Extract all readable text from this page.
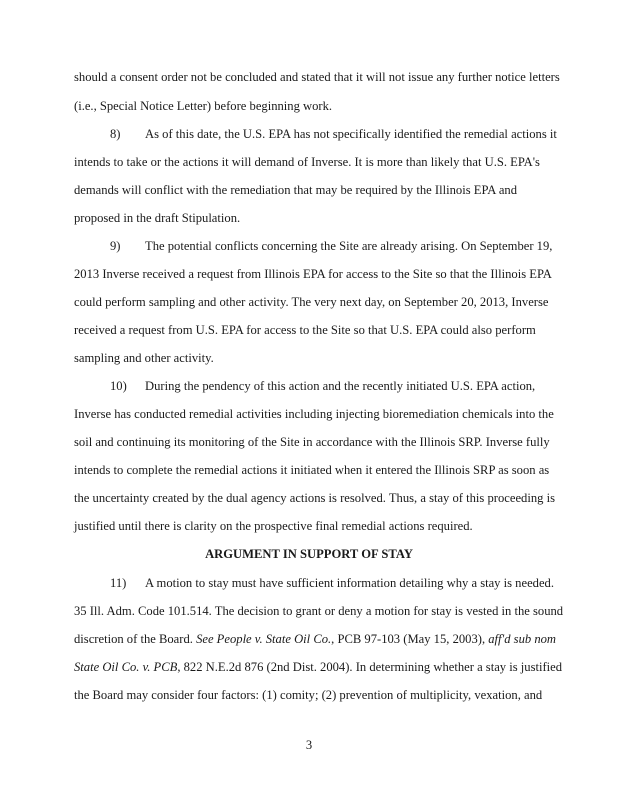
should a consent order not be concluded and stated that it will not issue any further notice letters
(i.e., Special Notice Letter) before beginning work.
8) As of this date, the U.S. EPA has not specifically identified the remedial actions it
intends to take or the actions it will demand of Inverse. It is more than likely that U.S. EPA's
demands will conflict with the remediation that may be required by the Illinois EPA and
proposed in the draft Stipulation.
9) The potential conflicts concerning the Site are already arising. On September 19,
2013 Inverse received a request from Illinois EPA for access to the Site so that the Illinois EPA
could perform sampling and other activity. The very next day, on September 20, 2013, Inverse
received a request from U.S. EPA for access to the Site so that U.S. EPA could also perform
sampling and other activity.
10) During the pendency of this action and the recently initiated U.S. EPA action,
Inverse has conducted remedial activities including injecting bioremediation chemicals into the
soil and continuing its monitoring of the Site in accordance with the Illinois SRP. Inverse fully
intends to complete the remedial actions it initiated when it entered the Illinois SRP as soon as
the uncertainty created by the dual agency actions is resolved. Thus, a stay of this proceeding is
justified until there is clarity on the prospective final remedial actions required.
ARGUMENT IN SUPPORT OF STAY
11) A motion to stay must have sufficient information detailing why a stay is needed.
35 Ill. Adm. Code 101.514. The decision to grant or deny a motion for stay is vested in the sound
discretion of the Board. See People v. State Oil Co., PCB 97-103 (May 15, 2003), aff'd sub nom
State Oil Co. v. PCB, 822 N.E.2d 876 (2nd Dist. 2004). In determining whether a stay is justified
the Board may consider four factors: (1) comity; (2) prevention of multiplicity, vexation, and
3
